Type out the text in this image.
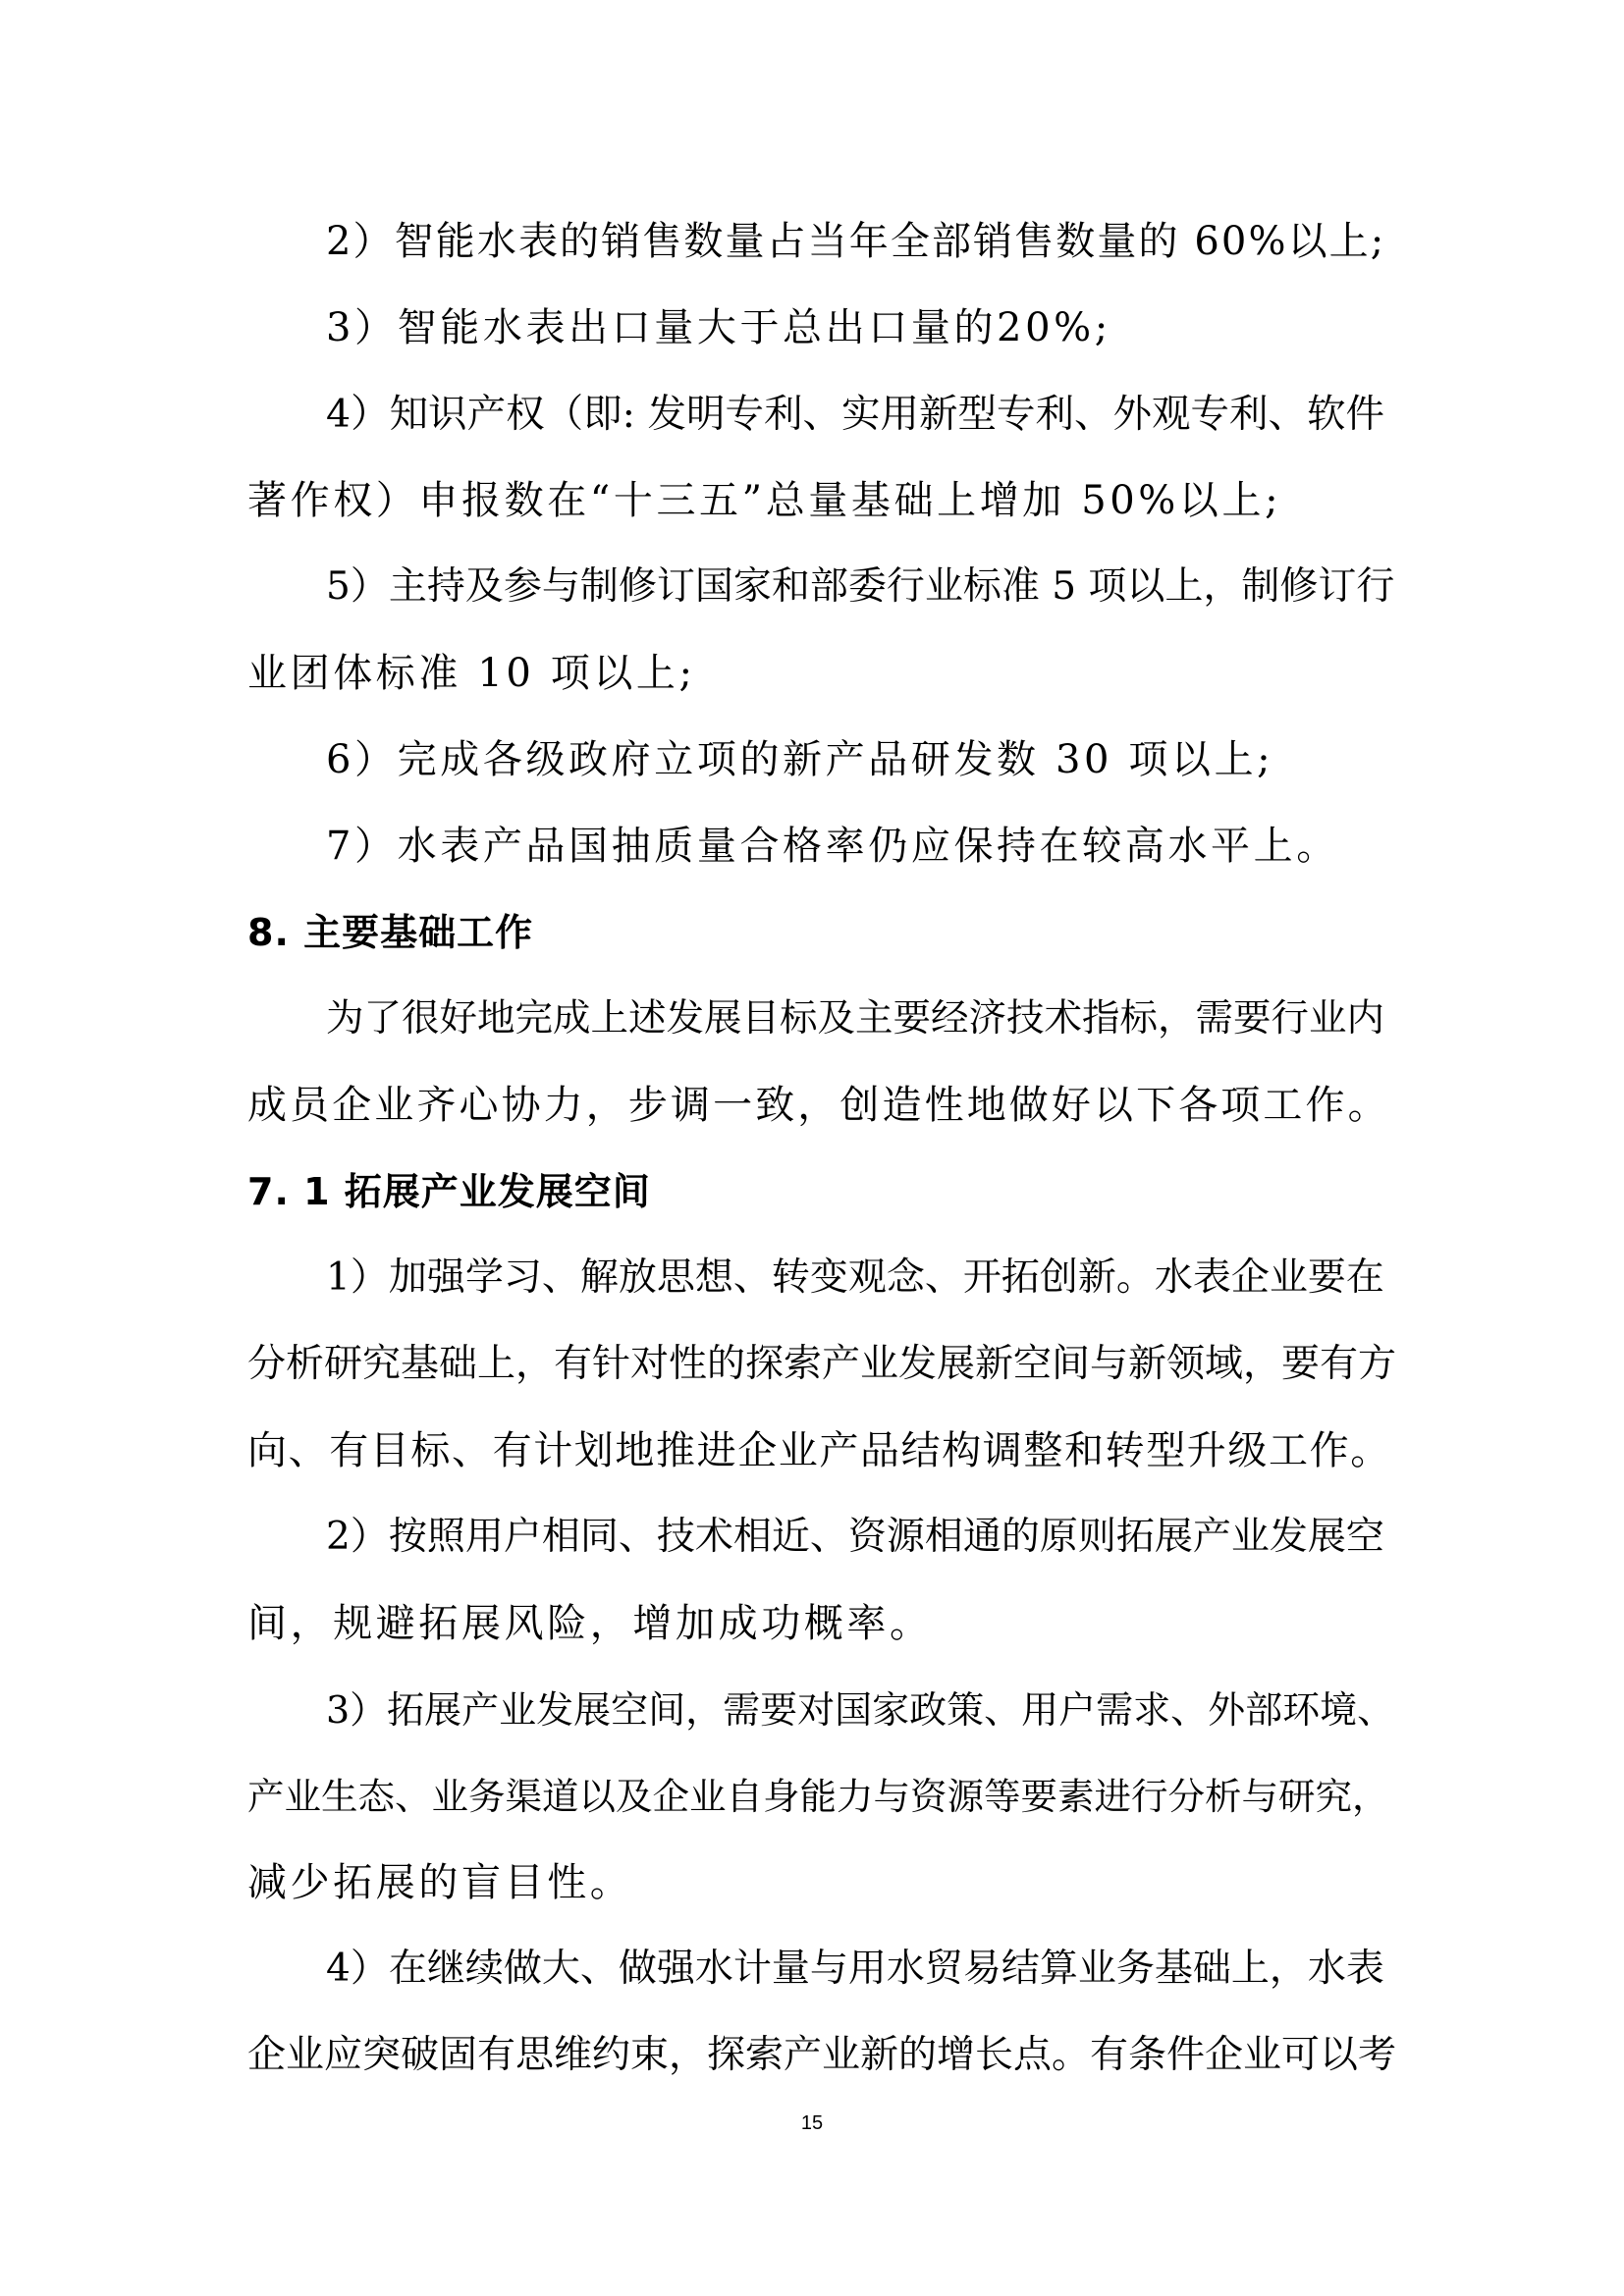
2）智能水表的销售数量占当年全部销售数量的 60%以上;
3）智能水表出口量大于总出口量的20%;
4）知识产权（即: 发明专利、实用新型专利、外观专利、软件
著作权）申报数在“十三五”总量基础上增加 50%以上;
5）主持及参与制修订国家和部委行业标准 5 项以上，制修订行
业团体标准 10 项以上;
6）完成各级政府立项的新产品研发数 30 项以上;
7）水表产品国抽质量合格率仍应保持在较高水平上。
8. 主要基础工作
为了很好地完成上述发展目标及主要经济技术指标，需要行业内
成员企业齐心协力，步调一致，创造性地做好以下各项工作。
7. 1 拓展产业发展空间
1）加强学习、解放思想、转变观念、开拓创新。水表企业要在
分析研究基础上，有针对性的探索产业发展新空间与新领域，要有方
向、有目标、有计划地推进企业产品结构调整和转型升级工作。
2）按照用户相同、技术相近、资源相通的原则拓展产业发展空
间，规避拓展风险，增加成功概率。
3）拓展产业发展空间，需要对国家政策、用户需求、外部环境、
产业生态、业务渠道以及企业自身能力与资源等要素进行分析与研究，
减少拓展的盲目性。
4）在继续做大、做强水计量与用水贸易结算业务基础上，水表
企业应突破固有思维约束，探索产业新的增长点。有条件企业可以考
15
